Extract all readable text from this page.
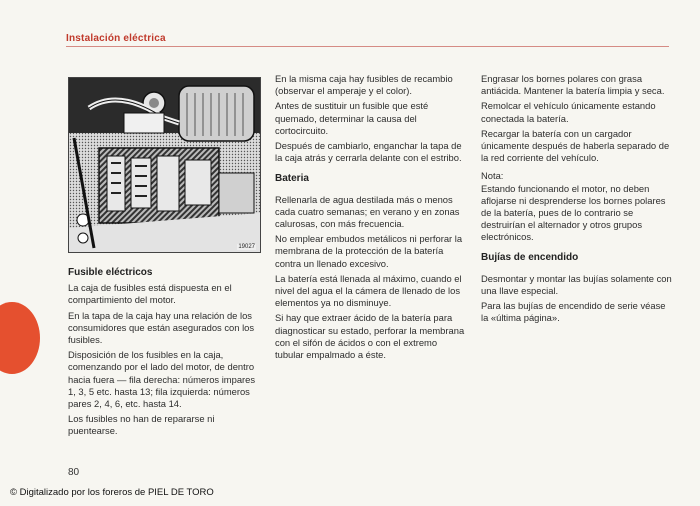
Instalación eléctrica
19027

Fusible eléctricos

La caja de fusibles está dispuesta en el compartimiento del motor.

En la tapa de la caja hay una relación de los consumidores que están asegurados con los fusibles.

Disposición de los fusibles en la caja, comenzando por el lado del motor, de dentro hacia fuera — fila derecha: números impares 1, 3, 5 etc. hasta 13; fila izquierda: números pares 2, 4, 6, etc. hasta 14.

Los fusibles no han de repararse ni puentearse.

En la misma caja hay fusibles de recambio (observar el amperaje y el color).

Antes de sustituir un fusible que esté quemado, determinar la causa del cortocircuito.

Después de cambiarlo, enganchar la tapa de la caja atrás y cerrarla delante con el estribo.

Bateria

Rellenarla de agua destilada más o menos cada cuatro semanas; en verano y en zonas calurosas, con más frecuencia.

No emplear embudos metálicos ni perforar la membrana de la protección de la batería contra un llenado excesivo.

La batería está llenada al máximo, cuando el nivel del agua el la cámera de llenado de los elementos ya no disminuye.

Si hay que extraer ácido de la batería para diagnosticar su estado, perforar la membrana con el sifón de ácidos o con el extremo tubular empalmado a éste.

Engrasar los bornes polares con grasa antiácida. Mantener la batería limpia y seca.

Remolcar el vehículo únicamente estando conectada la batería.

Recargar la batería con un cargador únicamente después de haberla separado de la red corriente del vehículo.

Nota:

Estando funcionando el motor, no deben aflojarse ni desprenderse los bornes polares de la batería, pues de lo contrario se destruirían el alternador y otros grupos electrónicos.

Bujías de encendido

Desmontar y montar las bujías solamente con una llave especial.

Para las bujías de encendido de serie véase la «última página».

80
© Digitalizado por los foreros de PIEL DE TORO
